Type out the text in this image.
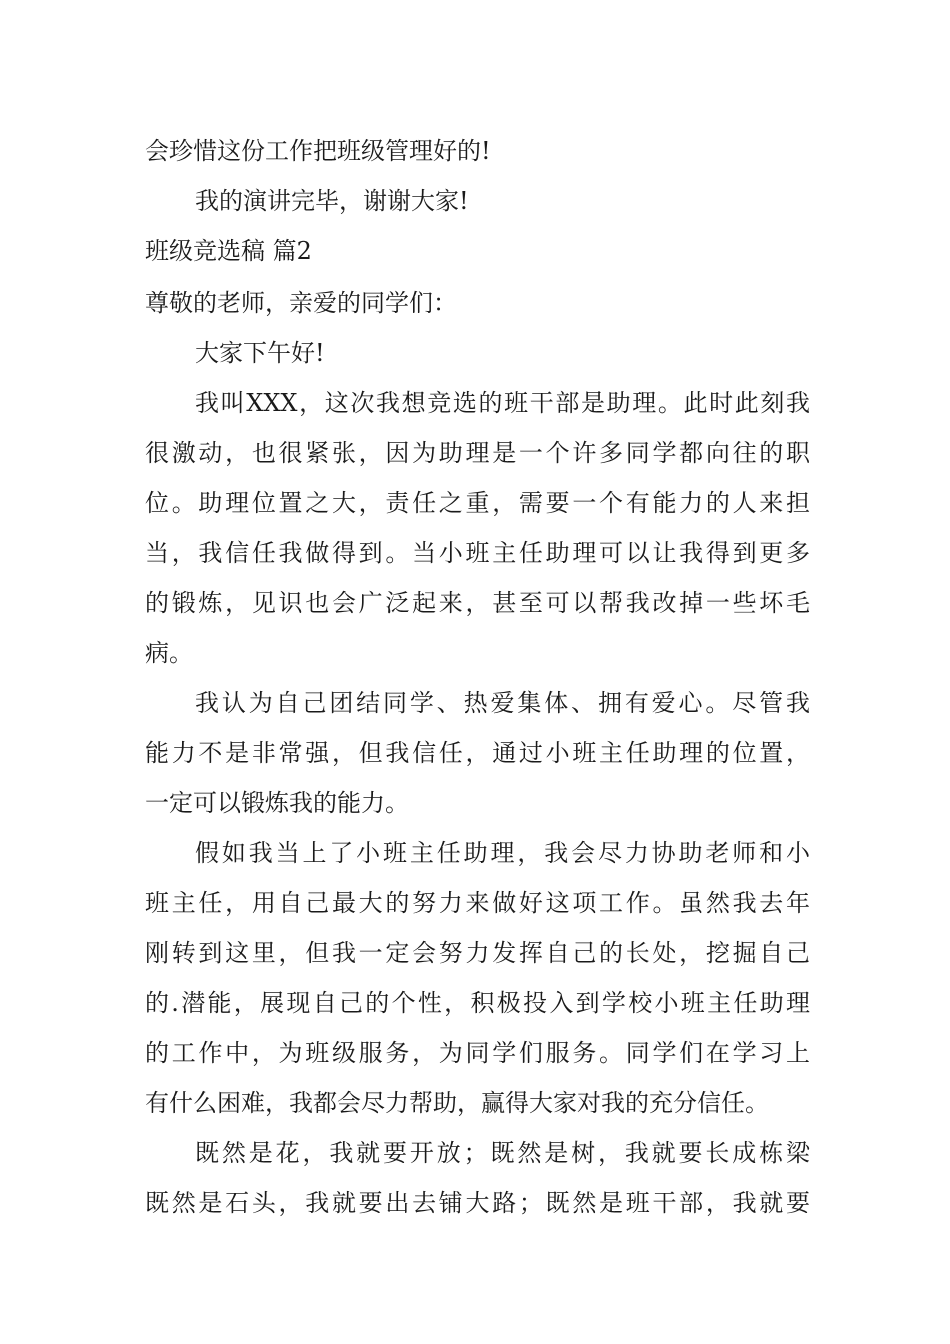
会珍惜这份工作把班级管理好的!
我的演讲完毕，谢谢大家!
班级竞选稿 篇2
尊敬的老师，亲爱的同学们：
大家下午好!
我叫XXX，这次我想竞选的班干部是助理。此时此刻我
很激动，也很紧张，因为助理是一个许多同学都向往的职
位。助理位置之大，责任之重，需要一个有能力的人来担
当，我信任我做得到。当小班主任助理可以让我得到更多
的锻炼，见识也会广泛起来，甚至可以帮我改掉一些坏毛
病。
我认为自己团结同学、热爱集体、拥有爱心。尽管我
能力不是非常强，但我信任，通过小班主任助理的位置，
一定可以锻炼我的能力。
假如我当上了小班主任助理，我会尽力协助老师和小
班主任，用自己最大的努力来做好这项工作。虽然我去年
刚转到这里，但我一定会努力发挥自己的长处，挖掘自己
的.潜能，展现自己的个性，积极投入到学校小班主任助理
的工作中，为班级服务，为同学们服务。同学们在学习上
有什么困难，我都会尽力帮助，赢得大家对我的充分信任。
既然是花，我就要开放；既然是树，我就要长成栋梁
既然是石头，我就要出去铺大路；既然是班干部，我就要
